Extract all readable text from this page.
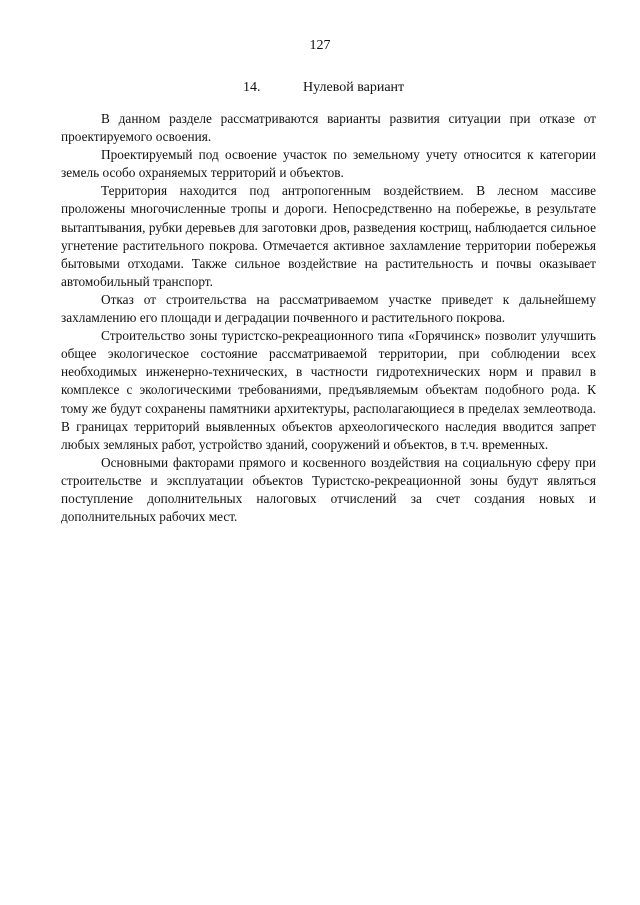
127
14.	Нулевой вариант

В данном разделе рассматриваются варианты развития ситуации при отказе от проектируемого освоения.

Проектируемый под освоение участок по земельному учету относится к категории земель особо охраняемых территорий и объектов.

Территория находится под антропогенным воздействием. В лесном массиве проложены многочисленные тропы и дороги. Непосредственно на побережье, в результате вытаптывания, рубки деревьев для заготовки дров, разведения кострищ, наблюдается сильное угнетение растительного покрова. Отмечается активное захламление территории побережья бытовыми отходами. Также сильное воздействие на растительность и почвы оказывает автомобильный транспорт.

Отказ от строительства на рассматриваемом участке приведет к дальнейшему захламлению его площади и деградации почвенного и растительного покрова.

Строительство зоны туристско-рекреационного типа «Горячинск» позволит улучшить общее экологическое состояние рассматриваемой территории, при соблюдении всех необходимых инженерно-технических, в частности гидротехнических норм и правил в комплексе с экологическими требованиями, предъявляемым объектам подобного рода. К тому же будут сохранены памятники архитектуры, располагающиеся в пределах землеотвода. В границах территорий выявленных объектов археологического наследия вводится запрет любых земляных работ, устройство зданий, сооружений и объектов, в т.ч. временных.

Основными факторами прямого и косвенного воздействия на социальную сферу при строительстве и эксплуатации объектов Туристско-рекреационной зоны будут являться поступление дополнительных налоговых отчислений за счет создания новых и дополнительных рабочих мест.
